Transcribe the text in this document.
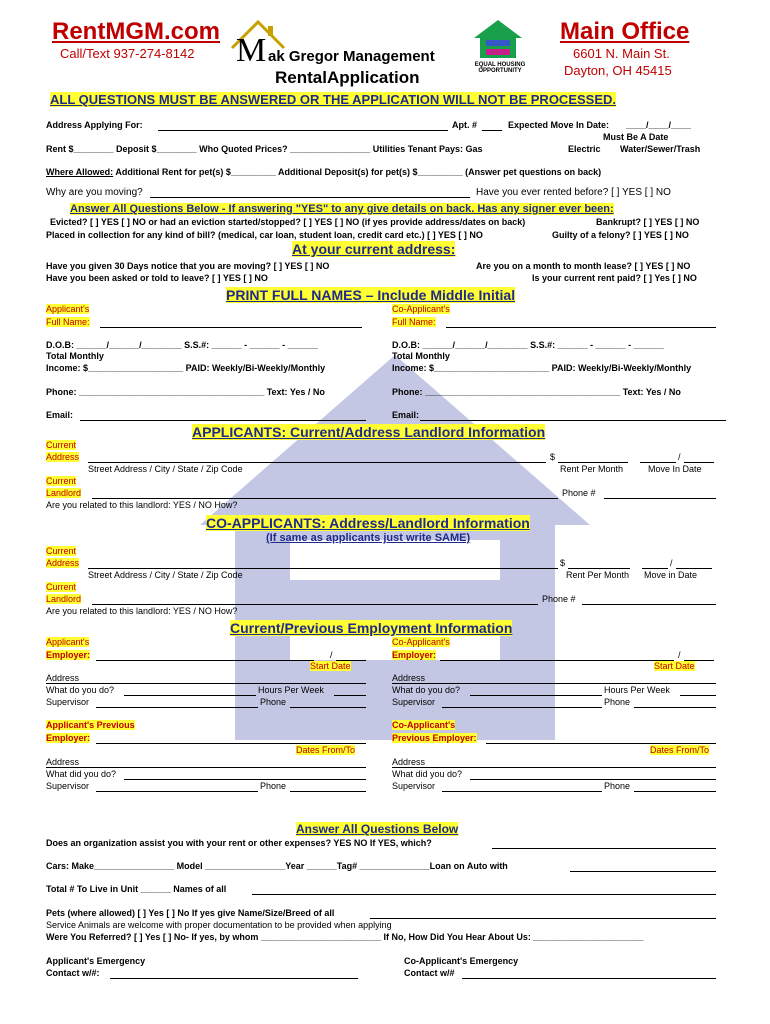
RentMGM.com
Call/Text 937-274-8142 M ak Gregor Management
RentalApplication
EQUAL HOUSING OPPORTUNITY
Main Office
6601 N. Main St.
Dayton, OH 45415
ALL QUESTIONS MUST BE ANSWERED OR THE APPLICATION WILL NOT BE PROCESSED.
Address Applying For:	Apt. #	Expected Move In Date: ____/____/____
Must Be A Date
Rent $________ Deposit $________ Who Quoted Prices? ________________ Utilities Tenant Pays: Gas	Electric Water/Sewer/Trash
Where Allowed: Additional Rent for pet(s) $_________ Additional Deposit(s) for pet(s) $_________ (Answer pet questions on back)
Why are you moving?	Have you ever rented before? [ ] YES [ ] NO
Answer All Questions Below - If answering "YES" to any give details on back. Has any signer ever been:
Evicted? [ ] YES [ ] NO or had an eviction started/stopped? [ ] YES [ ] NO (if yes provide address/dates on back)	Bankrupt? [ ] YES [ ] NO
Placed in collection for any kind of bill? (medical, car loan, student loan, credit card etc.) [ ] YES [ ] NO	Guilty of a felony? [ ] YES [ ] NO
At your current address:
Have you given 30 Days notice that you are moving? [ ] YES [ ] NO
Have you been asked or told to leave? [ ] YES [ ] NO
Are you on a month to month lease? [ ] YES [ ] NO
Is your current rent paid? [ ] Yes [ ] NO
PRINT FULL NAMES – Include Middle Initial
Applicant's
Full Name:
Co-Applicant's
Full Name:
D.O.B: ______/______/________ S.S.#: ______ - ______ - ______
Total Monthly
Income: $___________________ PAID: Weekly/Bi-Weekly/Monthly
D.O.B: ______/______/________ S.S.#: ______ - ______ - ______
Total Monthly
Income: $_______________________ PAID: Weekly/Bi-Weekly/Monthly
Phone: _____________________________________ Text: Yes / No	Phone: _______________________________________ Text: Yes / No
Email:	Email:
APPLICANTS: Current/Address Landlord Information
Current
Address	$	/
Street Address / City / State / Zip Code	Rent Per Month	Move In Date
Current
Landlord	Phone #
Are you related to this landlord: YES / NO How?
CO-APPLICANTS: Address/Landlord Information
(If same as applicants just write SAME)
Current
Address	$	/
Street Address / City / State / Zip Code	Rent Per Month Move in Date
Current
Landlord	Phone #
Are you related to this landlord: YES / NO How?
Current/Previous Employment Information
Applicant's
Employer:	/
Start Date
Co-Applicant's
Employer:	/
Start Date
Address
What do you do?	Hours Per Week
Supervisor	Phone
Address
What do you do?	Hours Per Week
Supervisor	Phone
Applicant's Previous
Employer:
Dates From/To
Co-Applicant's
Previous Employer:
Dates From/To
Address
What did you do?
Supervisor	Phone
Address
What did you do?
Supervisor	Phone
Answer All Questions Below
Does an organization assist you with your rent or other expenses? YES NO If YES, which?
Cars: Make________________ Model ________________Year ______Tag# ______________Loan on Auto with
Total # To Live in Unit ______ Names of all
Pets (where allowed) [ ] Yes [ ] No If yes give Name/Size/Breed of all
Service Animals are welcome with proper documentation to be provided when applying
Were You Referred? [ ] Yes [ ] No- If yes, by whom ________________________ If No, How Did You Hear About Us: ______________________
Applicant's Emergency
Contact w/#:
Co-Applicant's Emergency
Contact w/#
